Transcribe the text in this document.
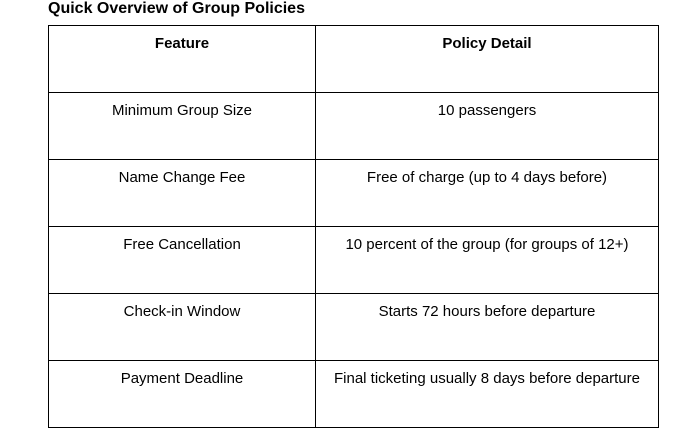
Quick Overview of Group Policies
Feature	Policy Detail
Minimum Group Size	10 passengers
Name Change Fee	Free of charge (up to 4 days before)
Free Cancellation	10 percent of the group (for groups of 12+)
Check-in Window	Starts 72 hours before departure
Payment Deadline	Final ticketing usually 8 days before departure
